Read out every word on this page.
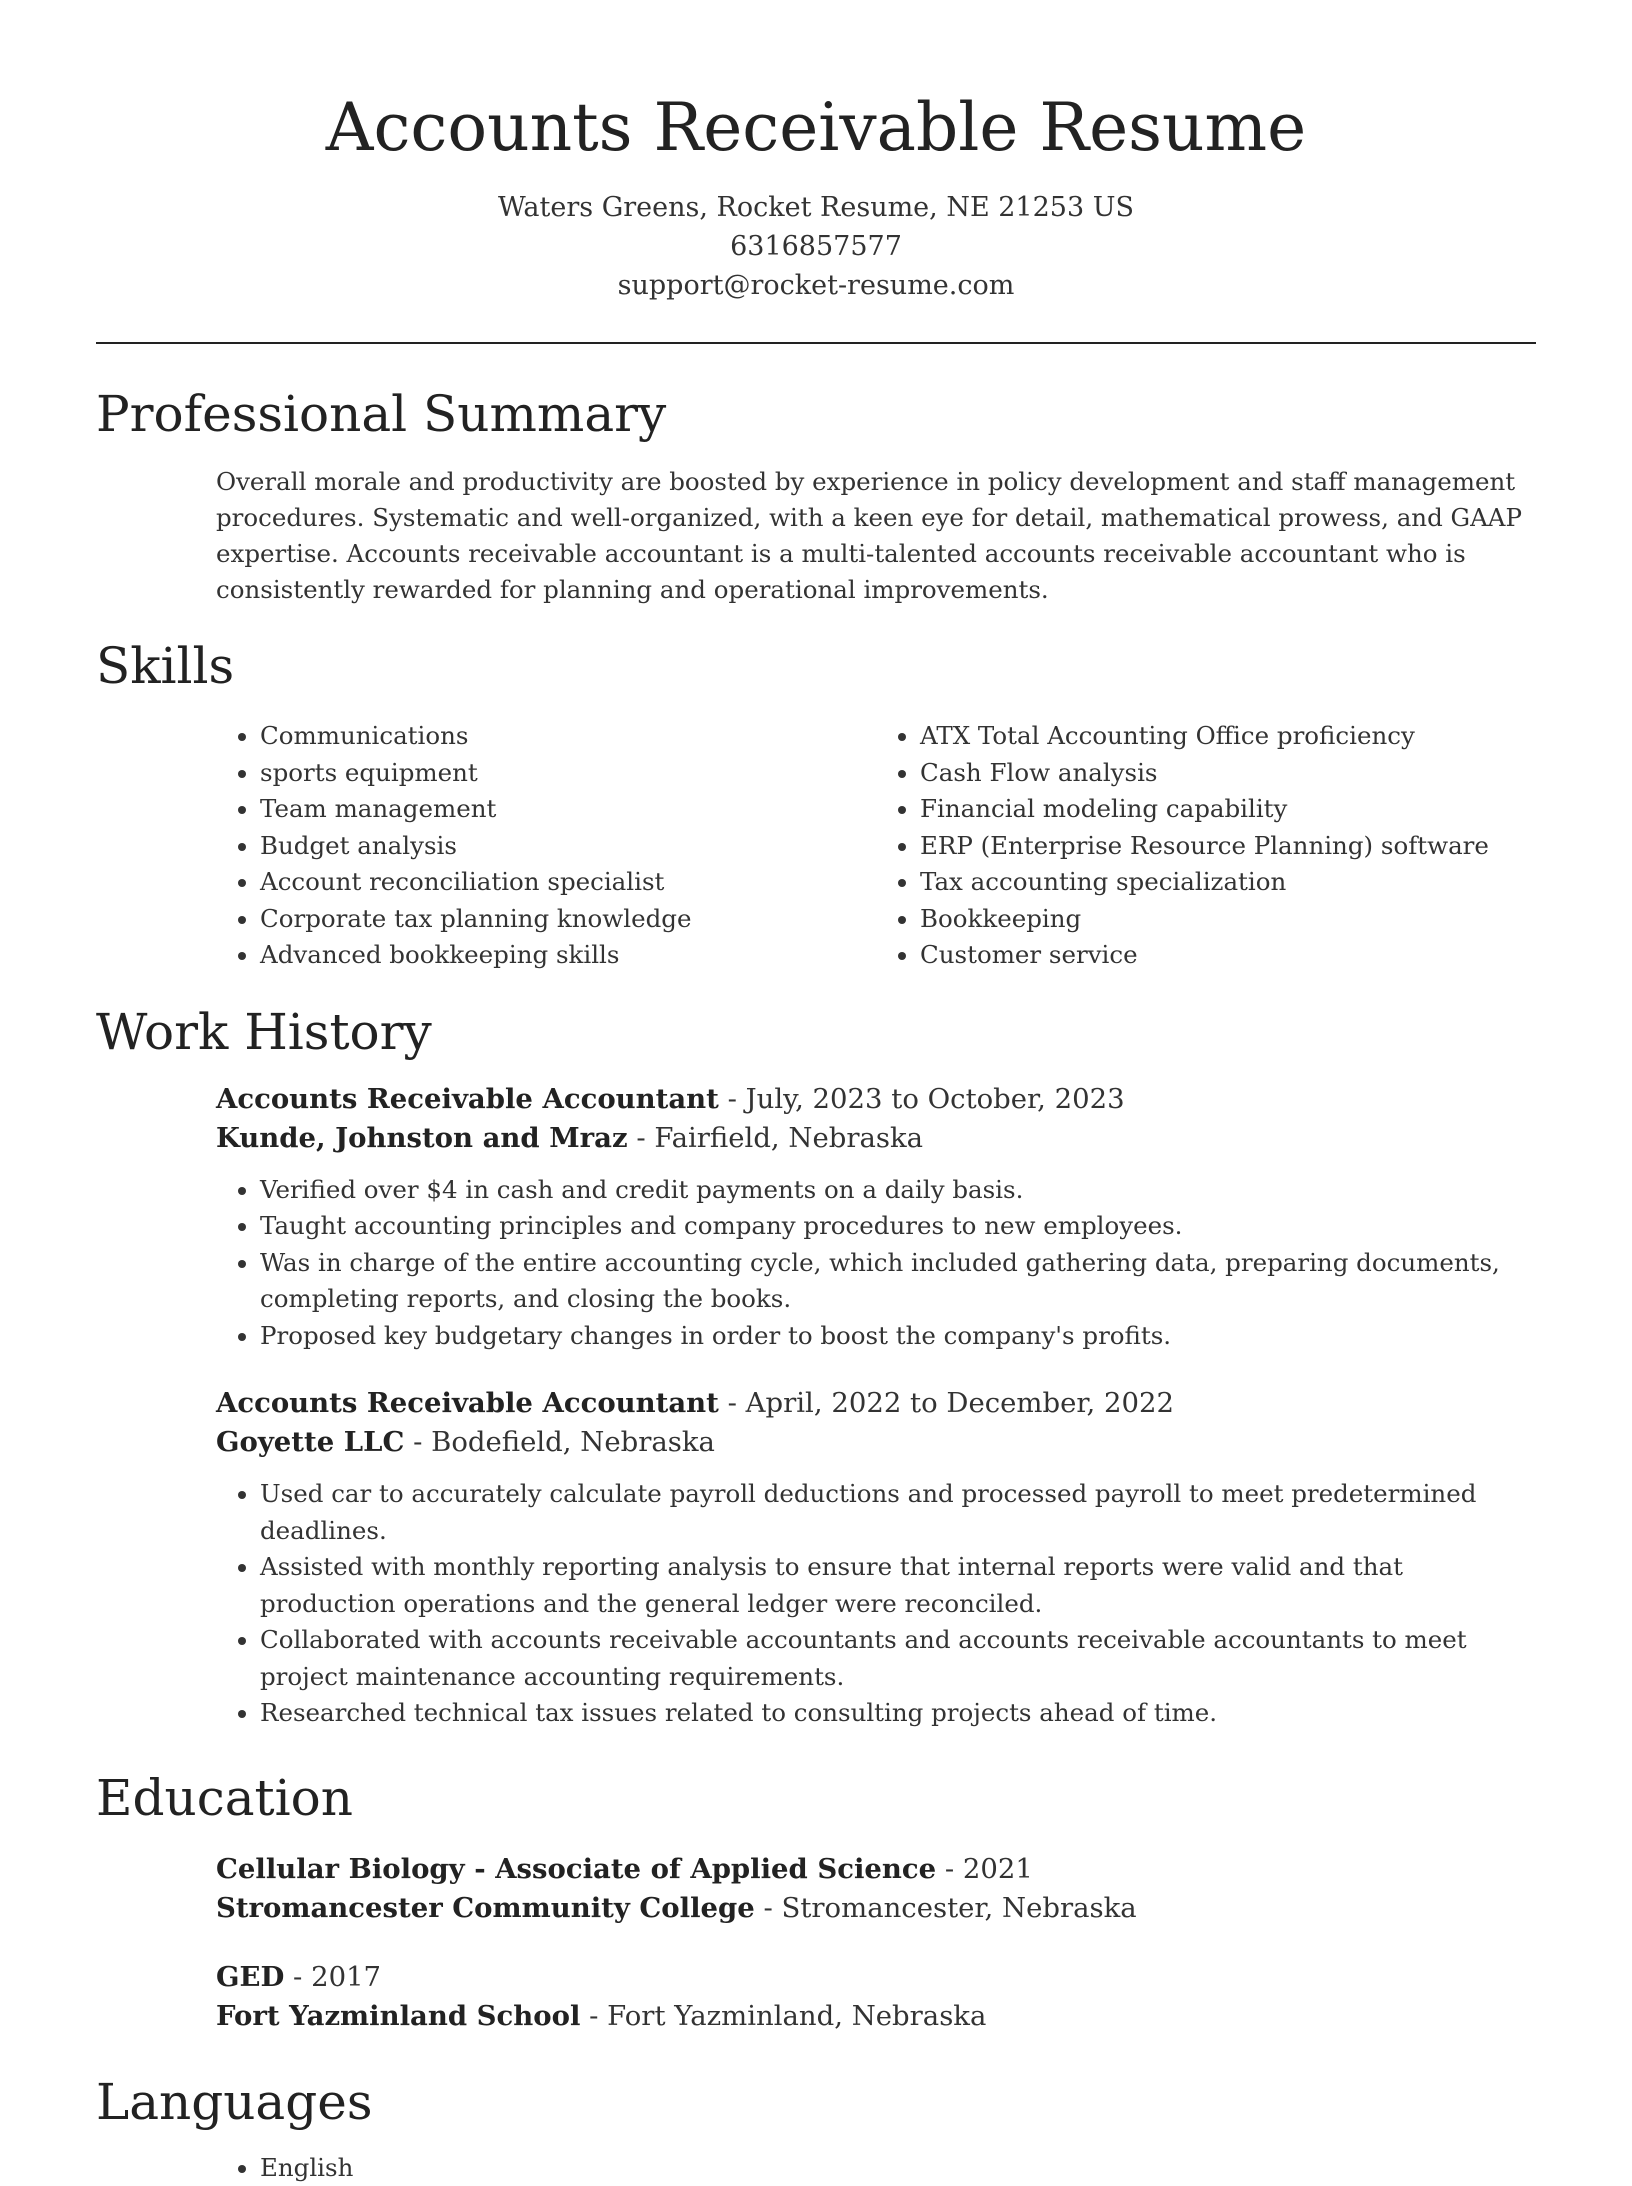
Accounts Receivable Resume
Waters Greens, Rocket Resume, NE 21253 US
6316857577
support@rocket-resume.com
Professional Summary
Overall morale and productivity are boosted by experience in policy development and staff management procedures. Systematic and well-organized, with a keen eye for detail, mathematical prowess, and GAAP expertise. Accounts receivable accountant is a multi-talented accounts receivable accountant who is consistently rewarded for planning and operational improvements.
Skills
• Communications
• sports equipment
• Team management
• Budget analysis
• Account reconciliation specialist
• Corporate tax planning knowledge
• Advanced bookkeeping skills
• ATX Total Accounting Office proficiency
• Cash Flow analysis
• Financial modeling capability
• ERP (Enterprise Resource Planning) software
• Tax accounting specialization
• Bookkeeping
• Customer service
Work History
Accounts Receivable Accountant - July, 2023 to October, 2023
Kunde, Johnston and Mraz - Fairfield, Nebraska
• Verified over $4 in cash and credit payments on a daily basis.
• Taught accounting principles and company procedures to new employees.
• Was in charge of the entire accounting cycle, which included gathering data, preparing documents, completing reports, and closing the books.
• Proposed key budgetary changes in order to boost the company's profits.
Accounts Receivable Accountant - April, 2022 to December, 2022
Goyette LLC - Bodefield, Nebraska
• Used car to accurately calculate payroll deductions and processed payroll to meet predetermined deadlines.
• Assisted with monthly reporting analysis to ensure that internal reports were valid and that production operations and the general ledger were reconciled.
• Collaborated with accounts receivable accountants and accounts receivable accountants to meet project maintenance accounting requirements.
• Researched technical tax issues related to consulting projects ahead of time.
Education
Cellular Biology - Associate of Applied Science - 2021
Stromancester Community College - Stromancester, Nebraska
GED - 2017
Fort Yazminland School - Fort Yazminland, Nebraska
Languages
• English
